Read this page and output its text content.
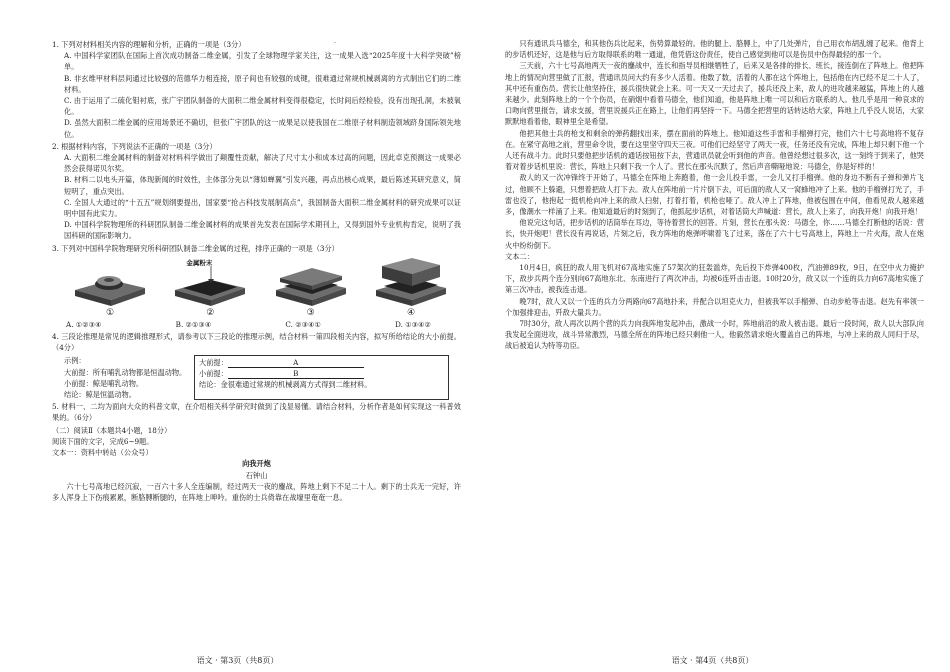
·
1. 下列对材料相关内容的理解和分析，正确的一项是（3分）
A. 中国科学家团队在国际上首次成功制备二维金属，引发了全球物理学家关注，这一成果入选“2025年度十大科学突破”榜单。
B. 非玄维甲材料层间通过比较强的范德华力相连接，原子间也有较强的成键，很难通过常规机械剥离的方式制出它们的二维材料。
C. 由于运用了二硫化钼衬底，张广宇团队制备的大面积二维金属材料变得很稳定，长时间后经检验，没有出现孔洞，未被氧化。
D. 虽然大面积二维金属的应用场景还不确切，但张广宇团队的这一成果足以使我国在二维原子材料制造领域跻身国际领先地位。
2. 根据材料内容，下列说法不正确的一项是（3分）
A. 大面积二维金属材料的制备对材料科学做出了颠覆性贡献，解决了尺寸太小和成本过高的问题，因此卓克预测这一成果必然会获得诺贝尔奖。
B. 材料二以电头开篇，体现新闻的时效性，主体部分先以“薄如蝉翼”引发兴趣，再点出核心成果，最后陈述其研究意义，简短明了，重点突出。
C. 全国人大通过的“十五五”规划纲要提出，国家要“抢占科技发展制高点”，我国制备大面积二维金属材料的研究成果可以证明中国有此实力。
D. 中国科学院物理所的科研团队制备二维金属材料的成果首先发表在国际学术期刊上，又得到国外专业机构肯定，说明了我国科研的国际影响力。
3. 下列对中国科学院物理研究所科研团队制备二维金属的过程，排序正确的一项是（3分）
①
金属粉末
②	③	④
A. ①②③④	B. ②①③④	C. ②③④①	D. ①③④②
4. 三段论推理是常见的逻辑推理形式，请参考以下三段论的推理示例，结合材料一第四段相关内容，拟写所给结论的大小前提。（4分）
示例：
大前提：所有哺乳动物都是恒温动物。
小前提：鲸是哺乳动物。
结论：鲸是恒温动物。
大前提：	A
小前提：	B
结论：金很难通过常规的机械剥离方式得到二维材料。
5. 材料一、二均为面向大众的科普文章，在介绍相关科学研究时做到了浅显易懂。请结合材料，分析作者是如何实现这一科普效果的。（6分）
（二）阅读Ⅱ（本题共4小题，18分）
阅读下面的文字，完成6~9题。
文本一：资料中转站（公众号）
向我开炮
石钟山
六十七号高地已经沉寂，一百六十多人全连编制，经过两天一夜的鏖战，阵地上剩下不足二十人。剩下的士兵无一完好，许多人浑身上下伤痕累累，断胳膊断腿的，在阵地上呻吟。重伤的士兵倚靠在战壕里奄奄一息。
语文 · 第3页（共8页）
只有通讯兵马德全，和其他伤兵比起来，伤势算最轻的。他的腿上、胳膊上，中了几处弹片，自己用衣布胡乱缠了起来。他背上的步话机还好，这是他与后方取得联系的唯一通道，他凭借这份责任，使自己感觉到他可以是伤员中伤得最轻的那一个。
三天前，六十七号高地两天一夜的鏖战中，连长和指导员相继牺牲了，后来又是各排的排长、班长，接连倒在了阵地上。他把阵地上的情况向营里做了汇报，营通讯员问大约有多少人活着。他数了数，活着的人都在这个阵地上，包括他在内已经不足二十人了，其中还有重伤员。营长让他坚持住，援兵很快就会上来。可一天又一天过去了，援兵还没上来，敌人的进攻越来越猛，阵地上的人越来越少。此刻阵地上的一个个伤员，在硝烟中看着马德全，他们知道，他是阵地上唯一可以和后方联系的人。他几乎是用一种哀求的口吻向营里报告，请求支援，营里说援兵正在路上，让他们再坚持一下。马德全把营里的话转达给大家，阵地上几乎没人说话，大家默默地看着他，眼神里全是希望。
他把其他士兵的枪支和剩余的弹药翻找出来，摆在面前的阵地上。他知道这些手雷和手榴弹打完，他们六十七号高地将不复存在。在紧守高地之前，营里命令说，要在这里坚守四天三夜。可他们已经坚守了两天一夜，任务还没有完成，阵地上却只剩下他一个人还有战斗力。此时只要他把步话机的通话按钮按下去，营通讯员就会听到他的声音。他曾经想过很多次，这一刻终于到来了，他哭着对着步话机里说：营长，阵地上只剩下我一个人了。营长在那头沉默了，然后声音嘶哑地说：马德全，你是好样的！
敌人的又一次冲锋终于开始了，马德全在阵地上奔跑着，他一会儿投手雷，一会儿又打手榴弹。他的身边不断有子弹和弹片飞过，他顾不上躲避，只想着把敌人打下去。敌人在阵地前一片片倒下去，可后面的敌人又一窝蜂地冲了上来。他的手榴弹打光了，手雷也没了，他抱起一挺机枪向冲上来的敌人扫射，打着打着，机枪也哑了。敌人冲上了阵地，他被包围在中间，他看见敌人越来越多，像潮水一样涌了上来。他知道最后的时刻到了，他抓起步话机，对着话筒大声喊道：营长，敌人上来了，向我开炮！向我开炮！
他说完这句话，把步话机的话筒举在耳边，等待着营长的回答。片刻，营长在那头说：马德全，你……马德全打断他的话说：营长，快开炮吧！营长没有再说话，片刻之后，我方阵地的炮弹呼啸着飞了过来，落在了六十七号高地上，阵地上一片火海，敌人在炮火中纷纷倒下。
文本二：
10月4日，疯狂的敌人用飞机对67高地实施了57架次的狂轰滥炸，先后投下炸弹400枚，汽油弹89枚，9日，在空中火力掩护下，敌步兵两个连分别向67高地东北、东南进行了两次冲击，均被6连歼击击退。10时20分，敌又以一个连的兵力向67高地实施了第三次冲击，被我连击退。
晚7时，敌人又以一个连的兵力分两路向67高地扑来，并配合以坦克火力，但被我军以手榴弹、自动步枪等击退。赵先有率领一个加强排迎击，歼敌大量兵力。
7时30分，敌人再次以两个营的兵力向我阵地发起冲击，激战一小时，阵地前沿的敌人被击退。最后一段时间，敌人以大部队向我发起全面进攻，战斗异常激烈，马德全所在的阵地已经只剩他一人，他毅然请求炮火覆盖自己的阵地，与冲上来的敌人同归于尽，战后被追认为特等功臣。
语文 · 第4页（共8页）
